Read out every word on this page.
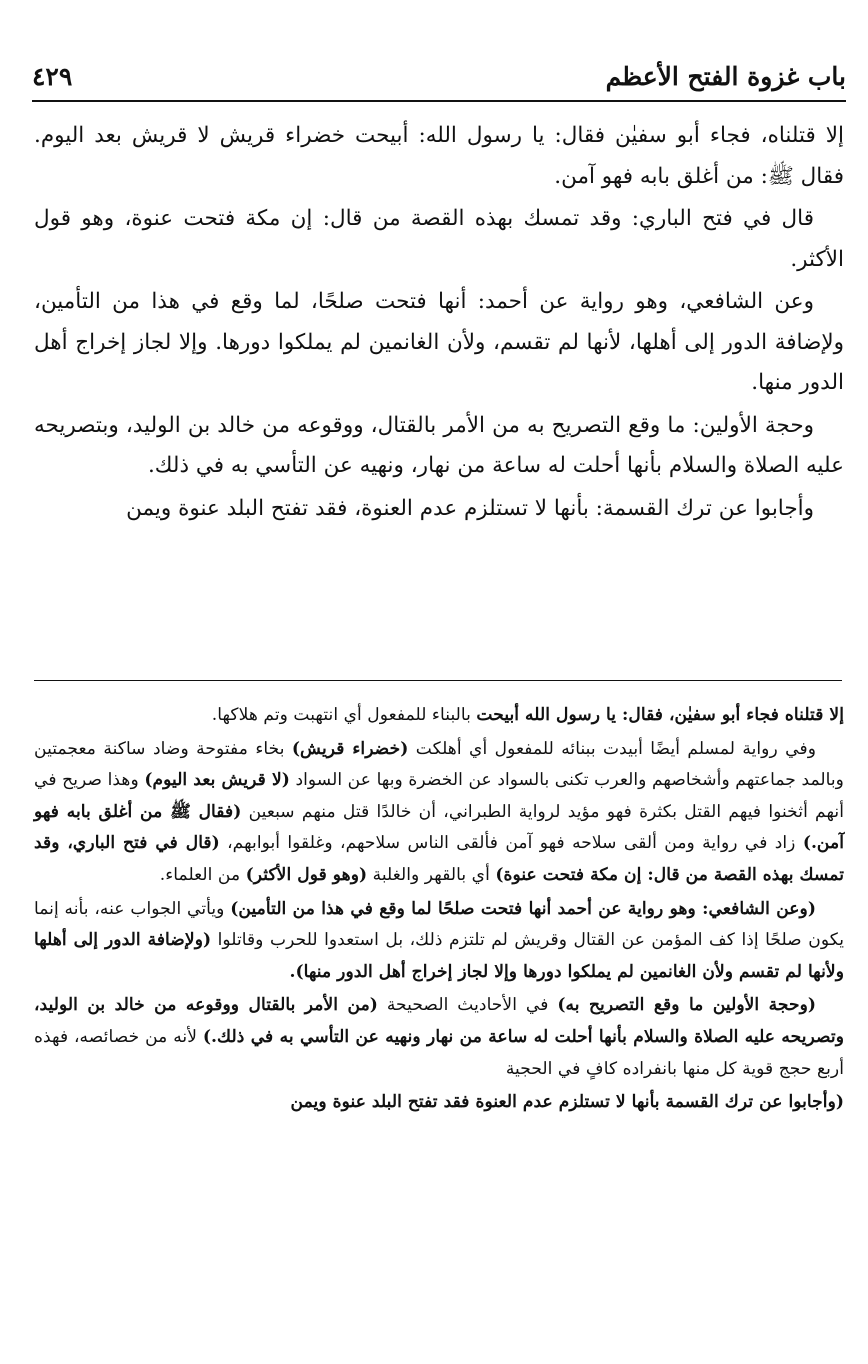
باب غزوة الفتح الأعظم
٤٢٩

إلا قتلناه، فجاء أبو سفيٰن فقال: يا رسول الله: أبيحت خضراء قريش لا قريش بعد اليوم. فقال ﷺ: من أغلق بابه فهو آمن.

قال في فتح الباري: وقد تمسك بهذه القصة من قال: إن مكة فتحت عنوة، وهو قول الأكثر.

وعن الشافعي، وهو رواية عن أحمد: أنها فتحت صلحًا، لما وقع في هذا من التأمين، ولإضافة الدور إلى أهلها، لأنها لم تقسم، ولأن الغانمين لم يملكوا دورها. وإلا لجاز إخراج أهل الدور منها.

وحجة الأولين: ما وقع التصريح به من الأمر بالقتال، ووقوعه من خالد بن الوليد، وبتصريحه عليه الصلاة والسلام بأنها أحلت له ساعة من نهار، ونهيه عن التأسي به في ذلك.

وأجابوا عن ترك القسمة: بأنها لا تستلزم عدم العنوة، فقد تفتح البلد عنوة ويمن

إلا قتلناه فجاء أبو سفيٰن، فقال: يا رسول الله أبيحت بالبناء للمفعول أي انتهبت وتم هلاكها.

وفي رواية لمسلم أيضًا أبيدت ببنائه للمفعول أي أهلكت (خضراء قريش) بخاء مفتوحة وضاد ساكنة معجمتين وبالمد جماعتهم وأشخاصهم والعرب تكنى بالسواد عن الخضرة وبها عن السواد (لا قريش بعد اليوم) وهذا صريح في أنهم أثخنوا فيهم القتل بكثرة فهو مؤيد لرواية الطبراني، أن خالدًا قتل منهم سبعين (فقال ﷺ من أغلق بابه فهو آمن.) زاد في رواية ومن ألقى سلاحه فهو آمن فألقى الناس سلاحهم، وغلقوا أبوابهم، (قال في فتح الباري، وقد تمسك بهذه القصة من قال: إن مكة فتحت عنوة) أي بالقهر والغلبة (وهو قول الأكثر) من العلماء.

(وعن الشافعي: وهو رواية عن أحمد أنها فتحت صلحًا لما وقع في هذا من التأمين) ويأتي الجواب عنه، بأنه إنما يكون صلحًا إذا كف المؤمن عن القتال وقريش لم تلتزم ذلك، بل استعدوا للحرب وقاتلوا (ولإضافة الدور إلى أهلها ولأنها لم تقسم ولأن الغانمين لم يملكوا دورها وإلا لجاز إخراج أهل الدور منها).

(وحجة الأولين ما وقع التصريح به) في الأحاديث الصحيحة (من الأمر بالقتال ووقوعه من خالد بن الوليد، وتصريحه عليه الصلاة والسلام بأنها أحلت له ساعة من نهار ونهيه عن التأسي به في ذلك.) لأنه من خصائصه، فهذه أربع حجج قوية كل منها بانفراده كافٍ في الحجية

(وأجابوا عن ترك القسمة بأنها لا تستلزم عدم العنوة فقد تفتح البلد عنوة ويمن
